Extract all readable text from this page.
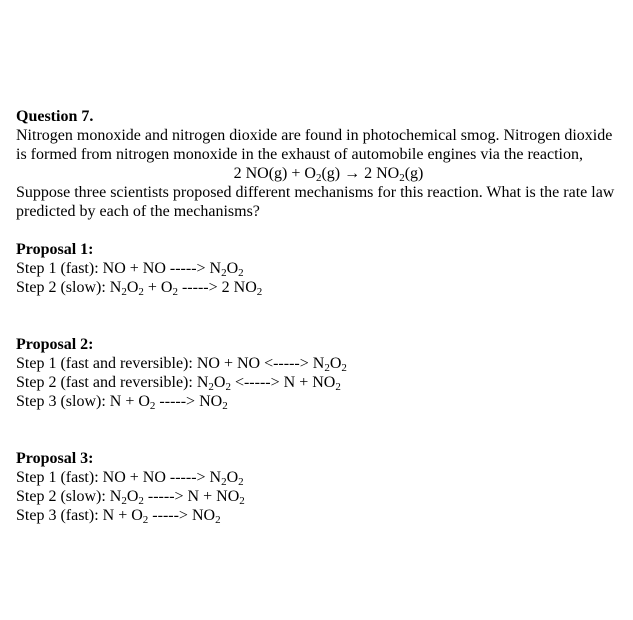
Question 7.

Nitrogen monoxide and nitrogen dioxide are found in photochemical smog. Nitrogen dioxide is formed from nitrogen monoxide in the exhaust of automobile engines via the reaction,

2 $NO(g) + O_2(g) \to 2$ $NO_2(g)$

Suppose three scientists proposed different mechanisms for this reaction. What is the rate law predicted by each of the mechanisms?

Proposal 1:

Step 1 (fast): NO + NO -----> $N_2O_2$

Step 2 (slow): $N_2O_2 + O_2$ -----> 2 $NO_2$

Proposal 2:

Step 1 (fast and reversible): NO + NO <-----> $N_2O_2$

Step 2 (fast and reversible): $N_2O_2$ <-----> $N + NO_2$

Step 3 (slow): $N + O_2$ -----> $NO_2$

Proposal 3:

Step 1 (fast): NO + NO -----> $N_2O_2$

Step 2 (slow): $N_2O_2$ -----> $N + NO_2$

Step 3 (fast): $N + O_2$ -----> $NO_2$
